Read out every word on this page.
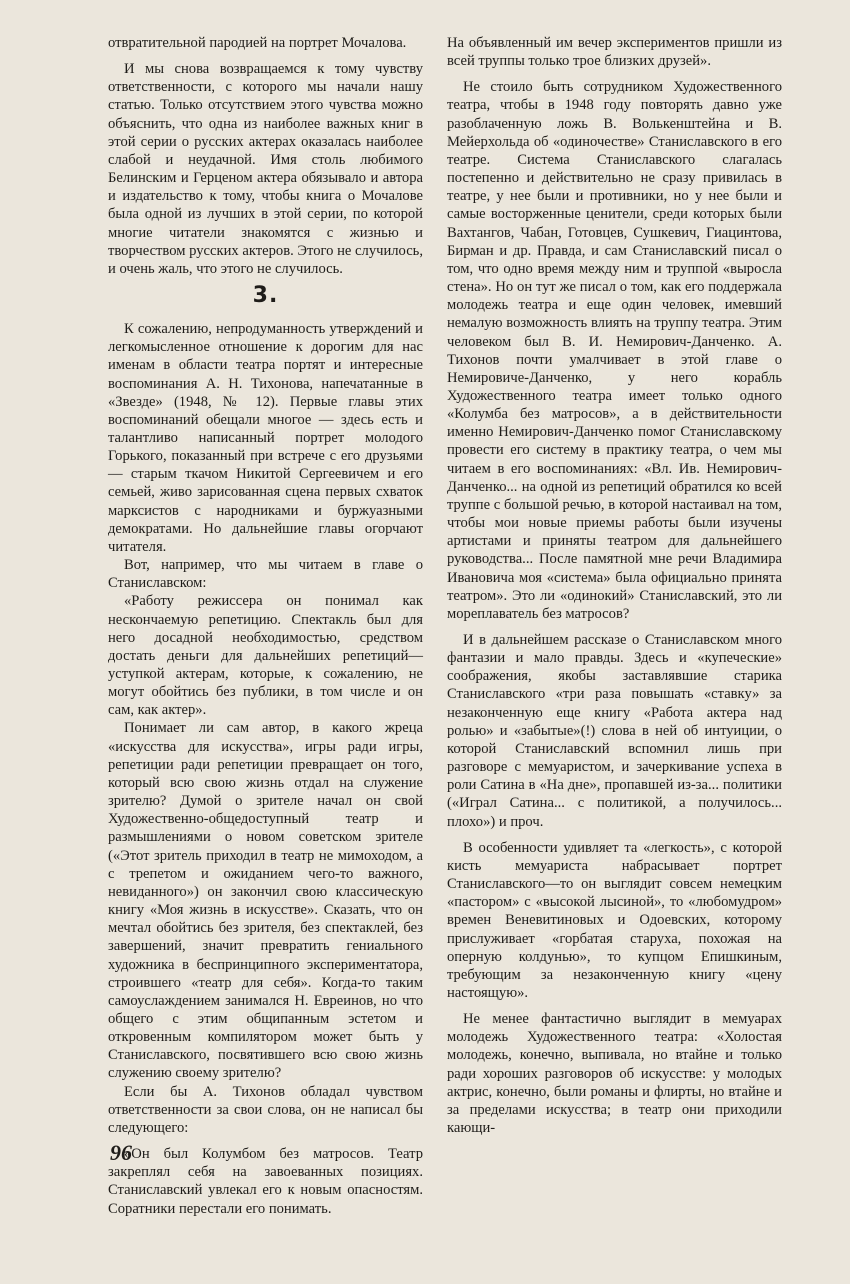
отвратительной пародией на портрет Мочалова.

И мы снова возвращаемся к тому чувству ответственности, с которого мы начали нашу статью. Только отсутствием этого чувства можно объяснить, что одна из наиболее важных книг в этой серии о русских актерах оказалась наиболее слабой и неудачной. Имя столь любимого Белинским и Герценом актера обязывало и автора и издательство к тому, чтобы книга о Мочалове была одной из лучших в этой серии, по которой многие читатели знакомятся с жизнью и творчеством русских актеров. Этого не случилось, и очень жаль, что этого не случилось.

3.

К сожалению, непродуманность утверждений и легкомысленное отношение к дорогим для нас именам в области театра портят и интересные воспоминания А. Н. Тихонова, напечатанные в «Звезде» (1948, № 12). Первые главы этих воспоминаний обещали многое — здесь есть и талантливо написанный портрет молодого Горького, показанный при встрече с его друзьями — старым ткачом Никитой Сергеевичем и его семьей, живо зарисованная сцена первых схваток марксистов с народниками и буржуазными демократами. Но дальнейшие главы огорчают читателя.

Вот, например, что мы читаем в главе о Станиславском:

«Работу режиссера он понимал как нескончаемую репетицию. Спектакль был для него досадной необходимостью, средством достать деньги для дальнейших репетиций—уступкой актерам, которые, к сожалению, не могут обойтись без публики, в том числе и он сам, как актер».

Понимает ли сам автор, в какого жреца «искусства для искусства», игры ради игры, репетиции ради репетиции превращает он того, который всю свою жизнь отдал на служение зрителю? Думой о зрителе начал он свой Художественно-общедоступный театр и размышлениями о новом советском зрителе («Этот зритель приходил в театр не мимоходом, а с трепетом и ожиданием чего-то важного, невиданного») он закончил свою классическую книгу «Моя жизнь в искусстве». Сказать, что он мечтал обойтись без зрителя, без спектаклей, без завершений, значит превратить гениального художника в беспринципного экспериментатора, строившего «театр для себя». Когда-то таким самоуслаждением занимался Н. Евреинов, но что общего с этим общипанным эстетом и откровенным компилятором может быть у Станиславского, посвятившего всю свою жизнь служению своему зрителю?

Если бы А. Тихонов обладал чувством ответственности за свои слова, он не написал бы следующего:

«Он был Колумбом без матросов. Театр закреплял себя на завоеванных позициях. Станиславский увлекал его к новым опасностям. Соратники перестали его понимать.

На объявленный им вечер экспериментов пришли из всей труппы только трое близких друзей».

Не стоило быть сотрудником Художественного театра, чтобы в 1948 году повторять давно уже разоблаченную ложь В. Волькенштейна и В. Мейерхольда об «одиночестве» Станиславского в его театре. Система Станиславского слагалась постепенно и действительно не сразу привилась в театре, у нее были и противники, но у нее были и самые восторженные ценители, среди которых были Вахтангов, Чабан, Готовцев, Сушкевич, Гиацинтова, Бирман и др. Правда, и сам Станиславский писал о том, что одно время между ним и труппой «выросла стена». Но он тут же писал о том, как его поддержала молодежь театра и еще один человек, имевший немалую возможность влиять на труппу театра. Этим человеком был В. И. Немирович-Данченко. А. Тихонов почти умалчивает в этой главе о Немировиче-Данченко, у него корабль Художественного театра имеет только одного «Колумба без матросов», а в действительности именно Немирович-Данченко помог Станиславскому провести его систему в практику театра, о чем мы читаем в его воспоминаниях: «Вл. Ив. Немирович-Данченко... на одной из репетиций обратился ко всей труппе с большой речью, в которой настаивал на том, чтобы мои новые приемы работы были изучены артистами и приняты театром для дальнейшего руководства... После памятной мне речи Владимира Ивановича моя «система» была официально принята театром». Это ли «одинокий» Станиславский, это ли мореплаватель без матросов?

И в дальнейшем рассказе о Станиславском много фантазии и мало правды. Здесь и «купеческие» соображения, якобы заставлявшие старика Станиславского «три раза повышать «ставку» за незаконченную еще книгу «Работа актера над ролью» и «забытые»(!) слова в ней об интуиции, о которой Станиславский вспомнил лишь при разговоре с мемуаристом, и зачеркивание успеха в роли Сатина в «На дне», пропавшей из-за... политики («Играл Сатина... с политикой, а получилось... плохо») и проч.

В особенности удивляет та «легкость», с которой кисть мемуариста набрасывает портрет Станиславского—то он выглядит совсем немецким «пастором» с «высокой лысиной», то «любомудром» времен Веневитиновых и Одоевских, которому прислуживает «горбатая старуха, похожая на оперную колдунью», то купцом Епишкиным, требующим за незаконченную книгу «цену настоящую».

Не менее фантастично выглядит в мемуарах молодежь Художественного театра: «Холостая молодежь, конечно, выпивала, но втайне и только ради хороших разговоров об искусстве: у молодых актрис, конечно, были романы и флирты, но втайне и за пределами искусства; в театр они приходили кающи-

96
